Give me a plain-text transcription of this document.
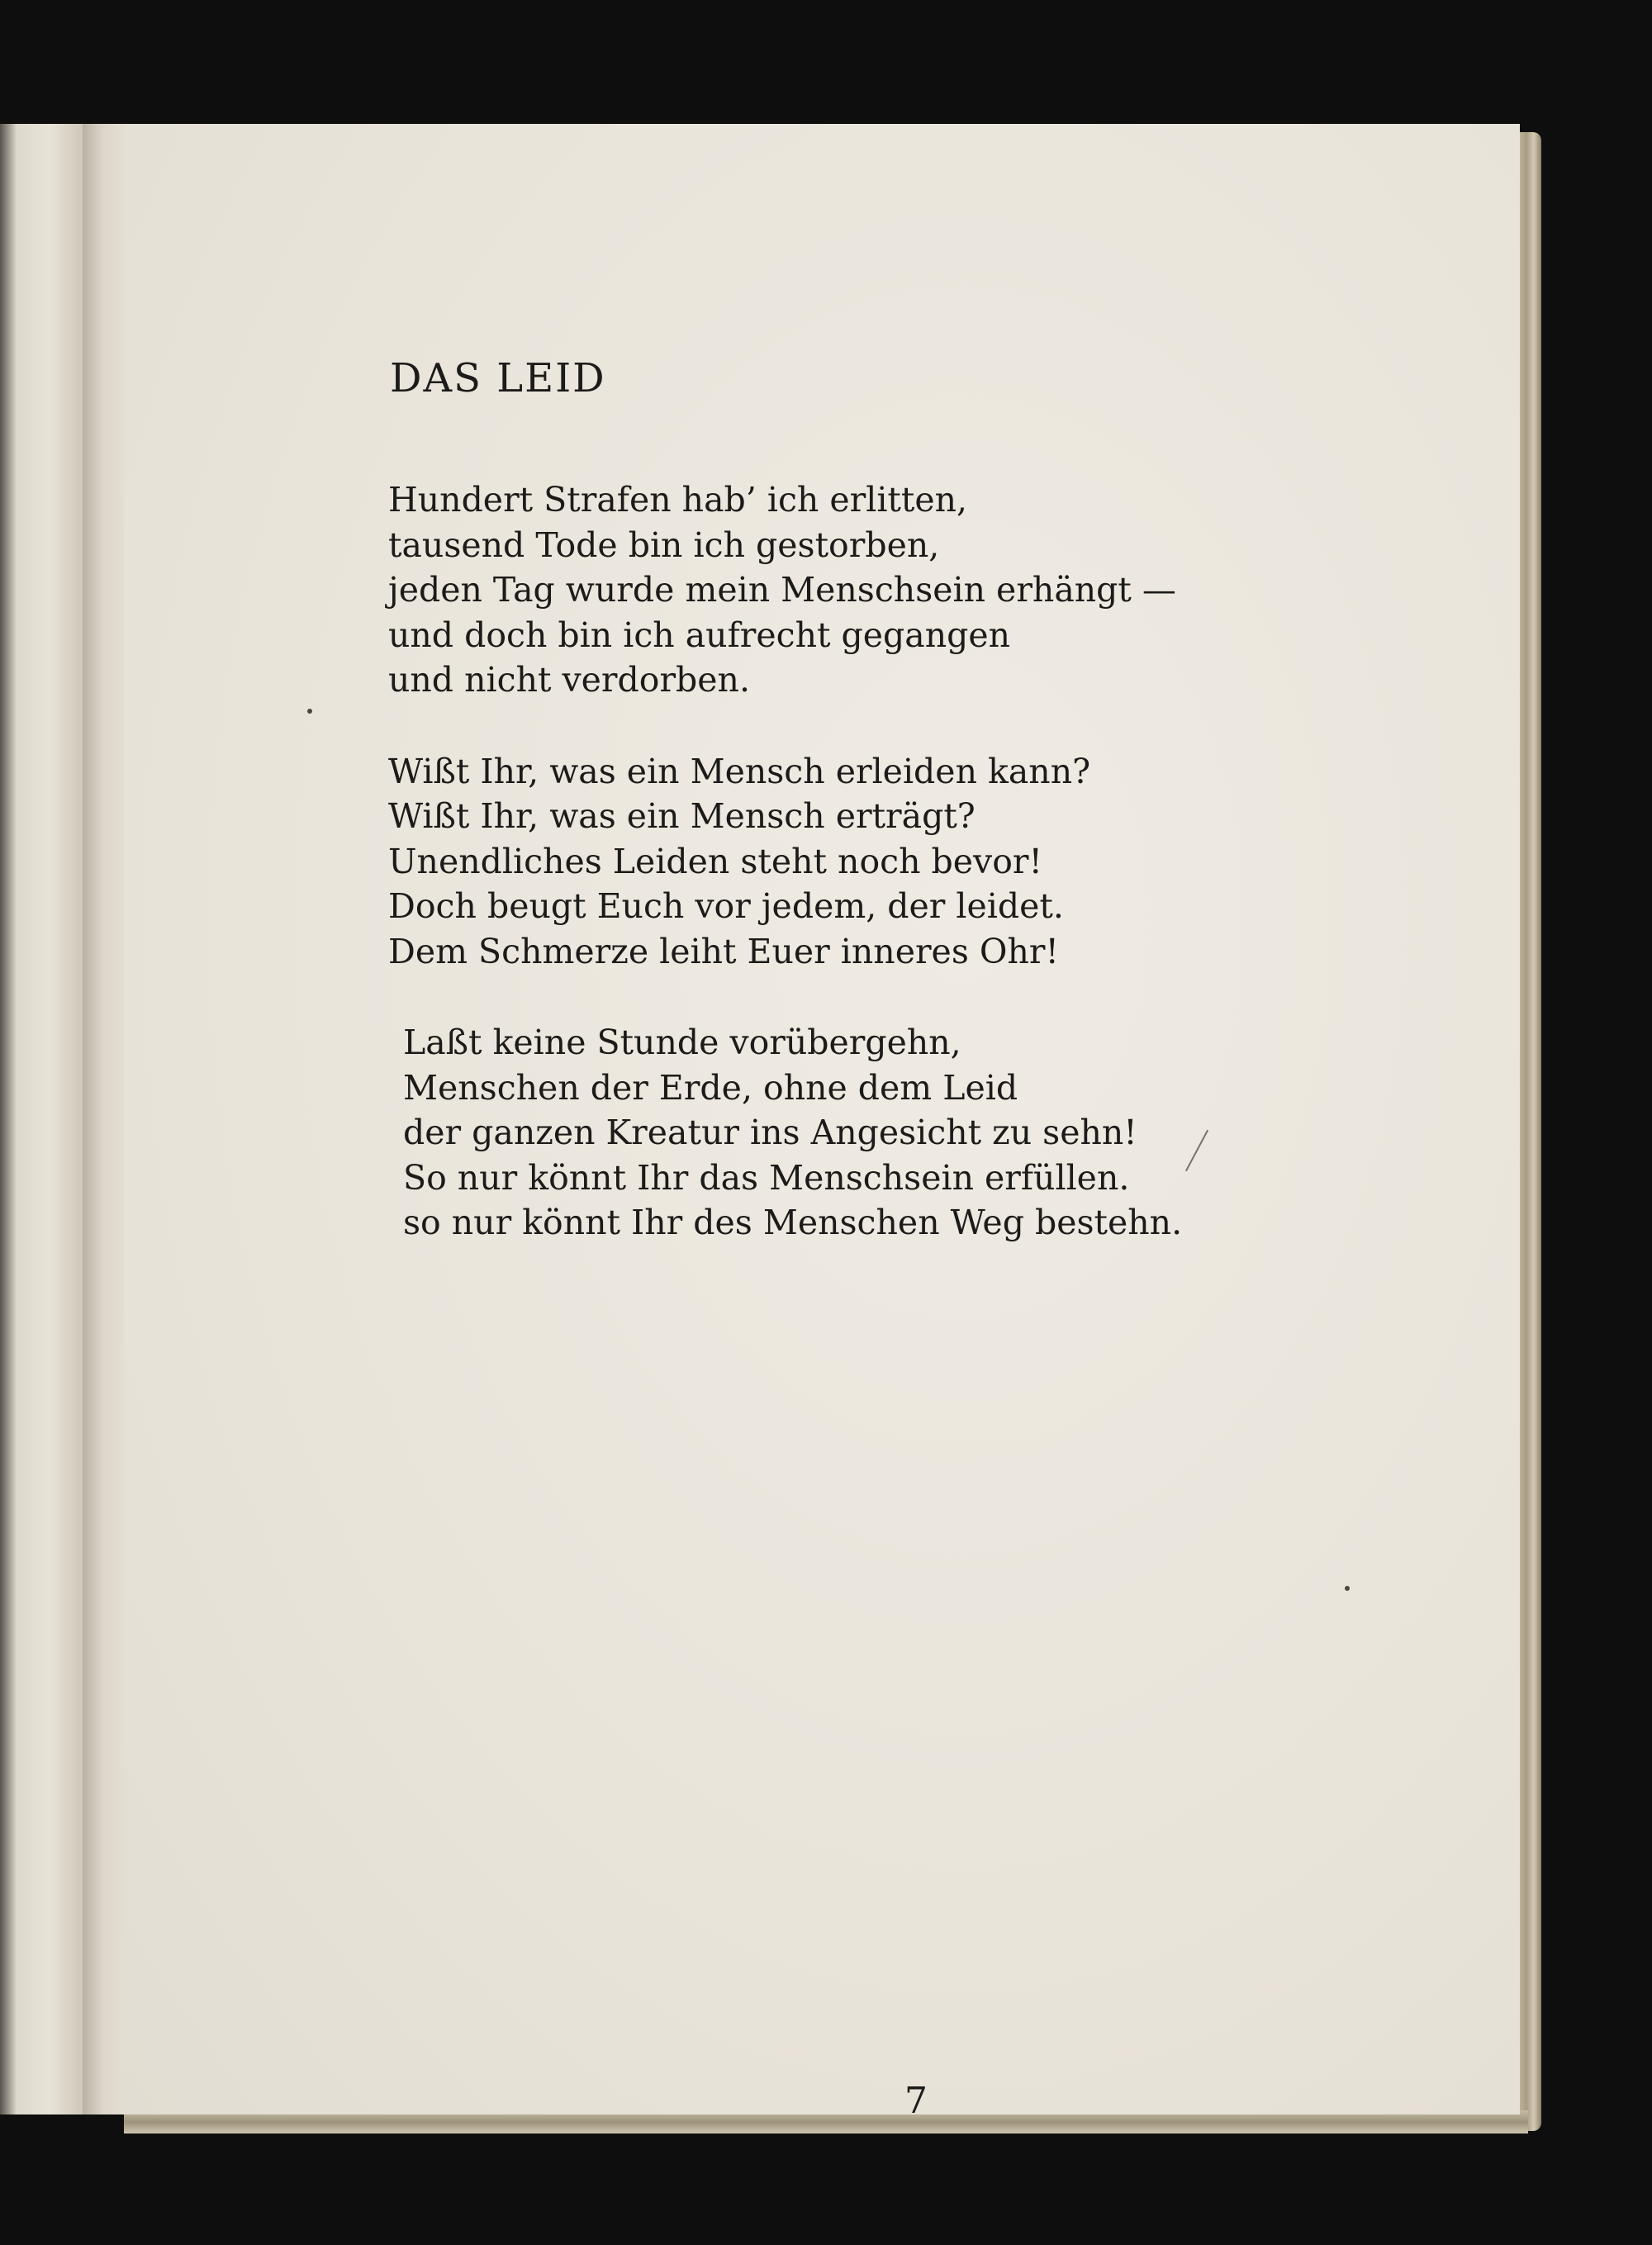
7
DAS LEID
Hundert Strafen hab’ ich erlitten,
tausend Tode bin ich gestorben,
jeden Tag wurde mein Menschsein erhängt —
und doch bin ich aufrecht gegangen
und nicht verdorben.
Wißt Ihr, was ein Mensch erleiden kann?
Wißt Ihr, was ein Mensch erträgt?
Unendliches Leiden steht noch bevor!
Doch beugt Euch vor jedem, der leidet.
Dem Schmerze leiht Euer inneres Ohr!
Laßt keine Stunde vorübergehn,
Menschen der Erde, ohne dem Leid
der ganzen Kreatur ins Angesicht zu sehn!
So nur könnt Ihr das Menschsein erfüllen.
so nur könnt Ihr des Menschen Weg bestehn.
